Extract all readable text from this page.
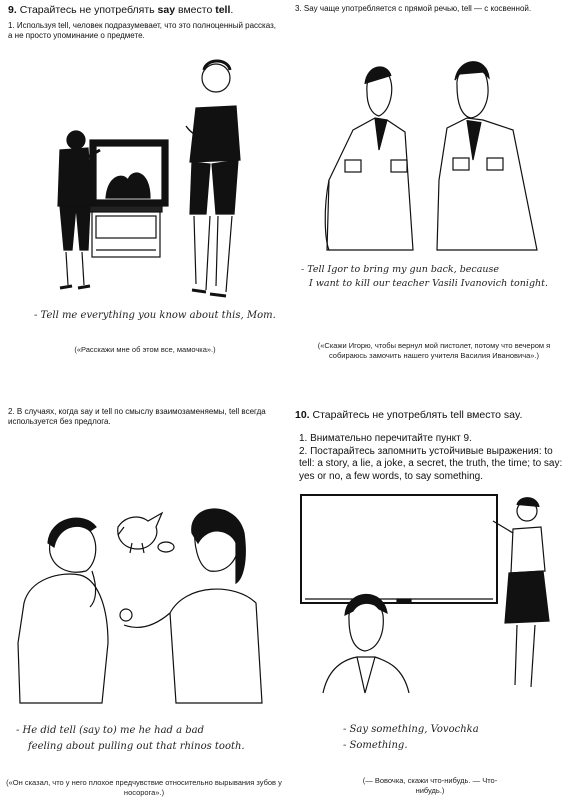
9. Старайтесь не употреблять say вместо tell.
1. Используя tell, человек подразумевает, что это полноценный рассказ, а не просто упоминание о предмете.
- Tell me everything you know about this, Mom.
(«Расскажи мне об этом все, мамочка».)
3. Say чаще употребляется с прямой речью, tell — с косвенной.
- Tell Igor to bring my gun back, because
I want to kill our teacher Vasili Ivanovich tonight.
(«Скажи Игорю, чтобы вернул мой пистолет, потому что вечером я собираюсь замочить нашего учителя Василия Ивановича».)
2. В случаях, когда say и tell по смыслу взаимозаменяемы, tell всегда используется без предлога.
- He did tell (say to) me he had a bad
feeling about pulling out that rhinos tooth.
(«Он сказал, что у него плохое предчувствие относительно вырывания зубов у носорога».)
10. Старайтесь не употреблять tell вместо say.
1. Внимательно перечитайте пункт 9.
2. Постарайтесь запомнить устойчивые выражения: to tell: a story, a lie, a joke, a secret, the truth, the time; to say: yes or no, a few words, to say something.
- Say something, Vovochka
- Something.
(— Вовочка, скажи что-нибудь. — Что-нибудь.)
